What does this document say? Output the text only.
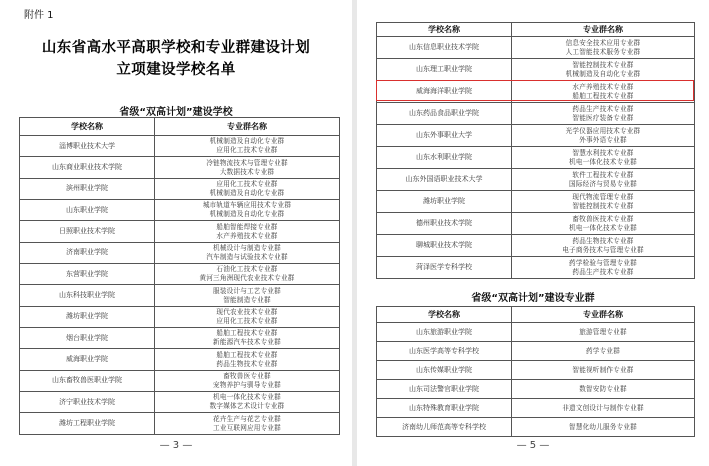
附件 1
山东省高水平高职学校和专业群建设计划
立项建设学校名单
省级“双高计划”建设学校
学校名称	专业群名称
淄博职业技术大学	机械制造及自动化专业群
应用化工技术专业群

山东商业职业技术学院	冷链物流技术与管理专业群
大数据技术专业群

滨州职业学院	应用化工技术专业群
机械制造及自动化专业群

山东职业学院	城市轨道车辆应用技术专业群
机械制造及自动化专业群

日照职业技术学院	船舶智能焊接专业群
水产养殖技术专业群

济南职业学院	机械设计与制造专业群
汽车制造与试验技术专业群

东营职业学院	石油化工技术专业群
黄河三角洲现代农业技术专业群

山东科技职业学院	服装设计与工艺专业群
智能制造专业群

潍坊职业学院	现代农业技术专业群
应用化工技术专业群

烟台职业学院	船舶工程技术专业群
新能源汽车技术专业群

威海职业学院	船舶工程技术专业群
药品生物技术专业群

山东畜牧兽医职业学院	畜牧兽医专业群
宠物养护与驯导专业群

济宁职业技术学院	机电一体化技术专业群
数字媒体艺术设计专业群

潍坊工程职业学院	花卉生产与花艺专业群
工业互联网应用专业群
— 3 —
学校名称	专业群名称
山东信息职业技术学院	信息安全技术应用专业群
人工智能技术服务专业群

山东理工职业学院	智能控制技术专业群
机械制造及自动化专业群

威海海洋职业学院	水产养殖技术专业群
船舶工程技术专业群

山东药品食品职业学院	药品生产技术专业群
智能医疗装备专业群

山东外事职业大学	光学仪器应用技术专业群
外事外语专业群

山东水利职业学院	智慧水利技术专业群
机电一体化技术专业群

山东外国语职业技术大学	软件工程技术专业群
国际经济与贸易专业群

潍坊职业学院	现代物流管理专业群
智能控制技术专业群

德州职业技术学院	畜牧兽医技术专业群
机电一体化技术专业群

聊城职业技术学院	药品生物技术专业群
电子商务技术与管理专业群

菏泽医学专科学校	药学检验与管理专业群
药品生产技术专业群
省级“双高计划”建设专业群
学校名称	专业群名称
山东旅游职业学院	旅游管理专业群
山东医学高等专科学校	药学专业群
山东传媒职业学院	智能视听制作专业群
山东司法警官职业学院	数智安防专业群
山东特殊教育职业学院	非遗文创设计与制作专业群
济南幼儿师范高等专科学校	智慧化幼儿服务专业群
— 5 —
